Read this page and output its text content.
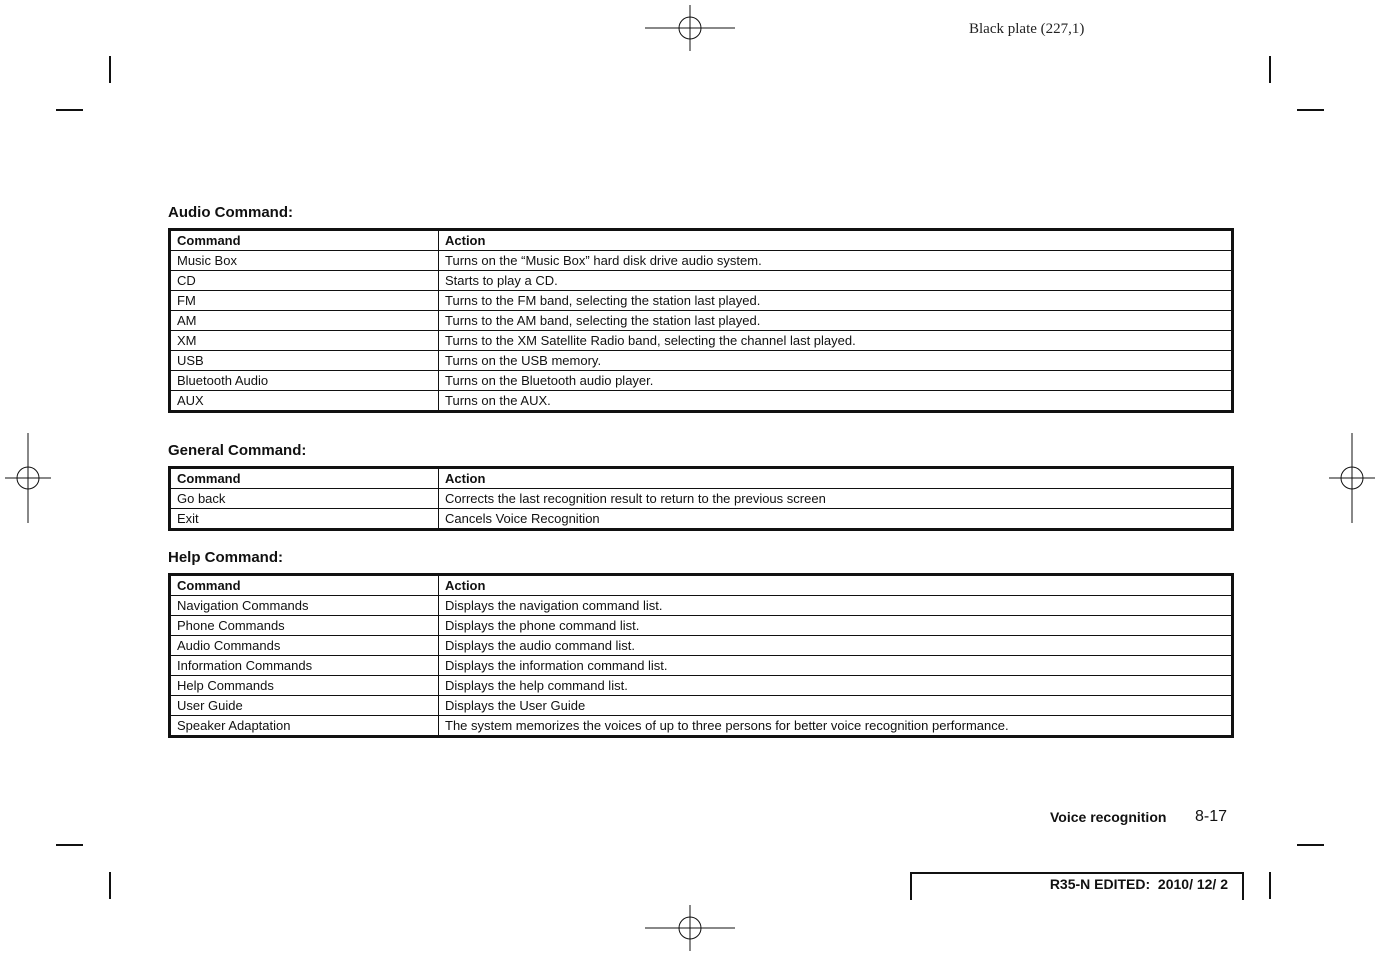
Black plate (227,1)
Audio Command:
Command	Action
Music Box	Turns on the “Music Box” hard disk drive audio system.
CD	Starts to play a CD.
FM	Turns to the FM band, selecting the station last played.
AM	Turns to the AM band, selecting the station last played.
XM	Turns to the XM Satellite Radio band, selecting the channel last played.
USB	Turns on the USB memory.
Bluetooth Audio	Turns on the Bluetooth audio player.
AUX	Turns on the AUX.
General Command:
Command	Action
Go back	Corrects the last recognition result to return to the previous screen
Exit	Cancels Voice Recognition
Help Command:
Command	Action
Navigation Commands	Displays the navigation command list.
Phone Commands	Displays the phone command list.
Audio Commands	Displays the audio command list.
Information Commands	Displays the information command list.
Help Commands	Displays the help command list.
User Guide	Displays the User Guide
Speaker Adaptation	The system memorizes the voices of up to three persons for better voice recognition performance.
Voice recognition 8-17
R35-N EDITED:  2010/ 12/ 2
